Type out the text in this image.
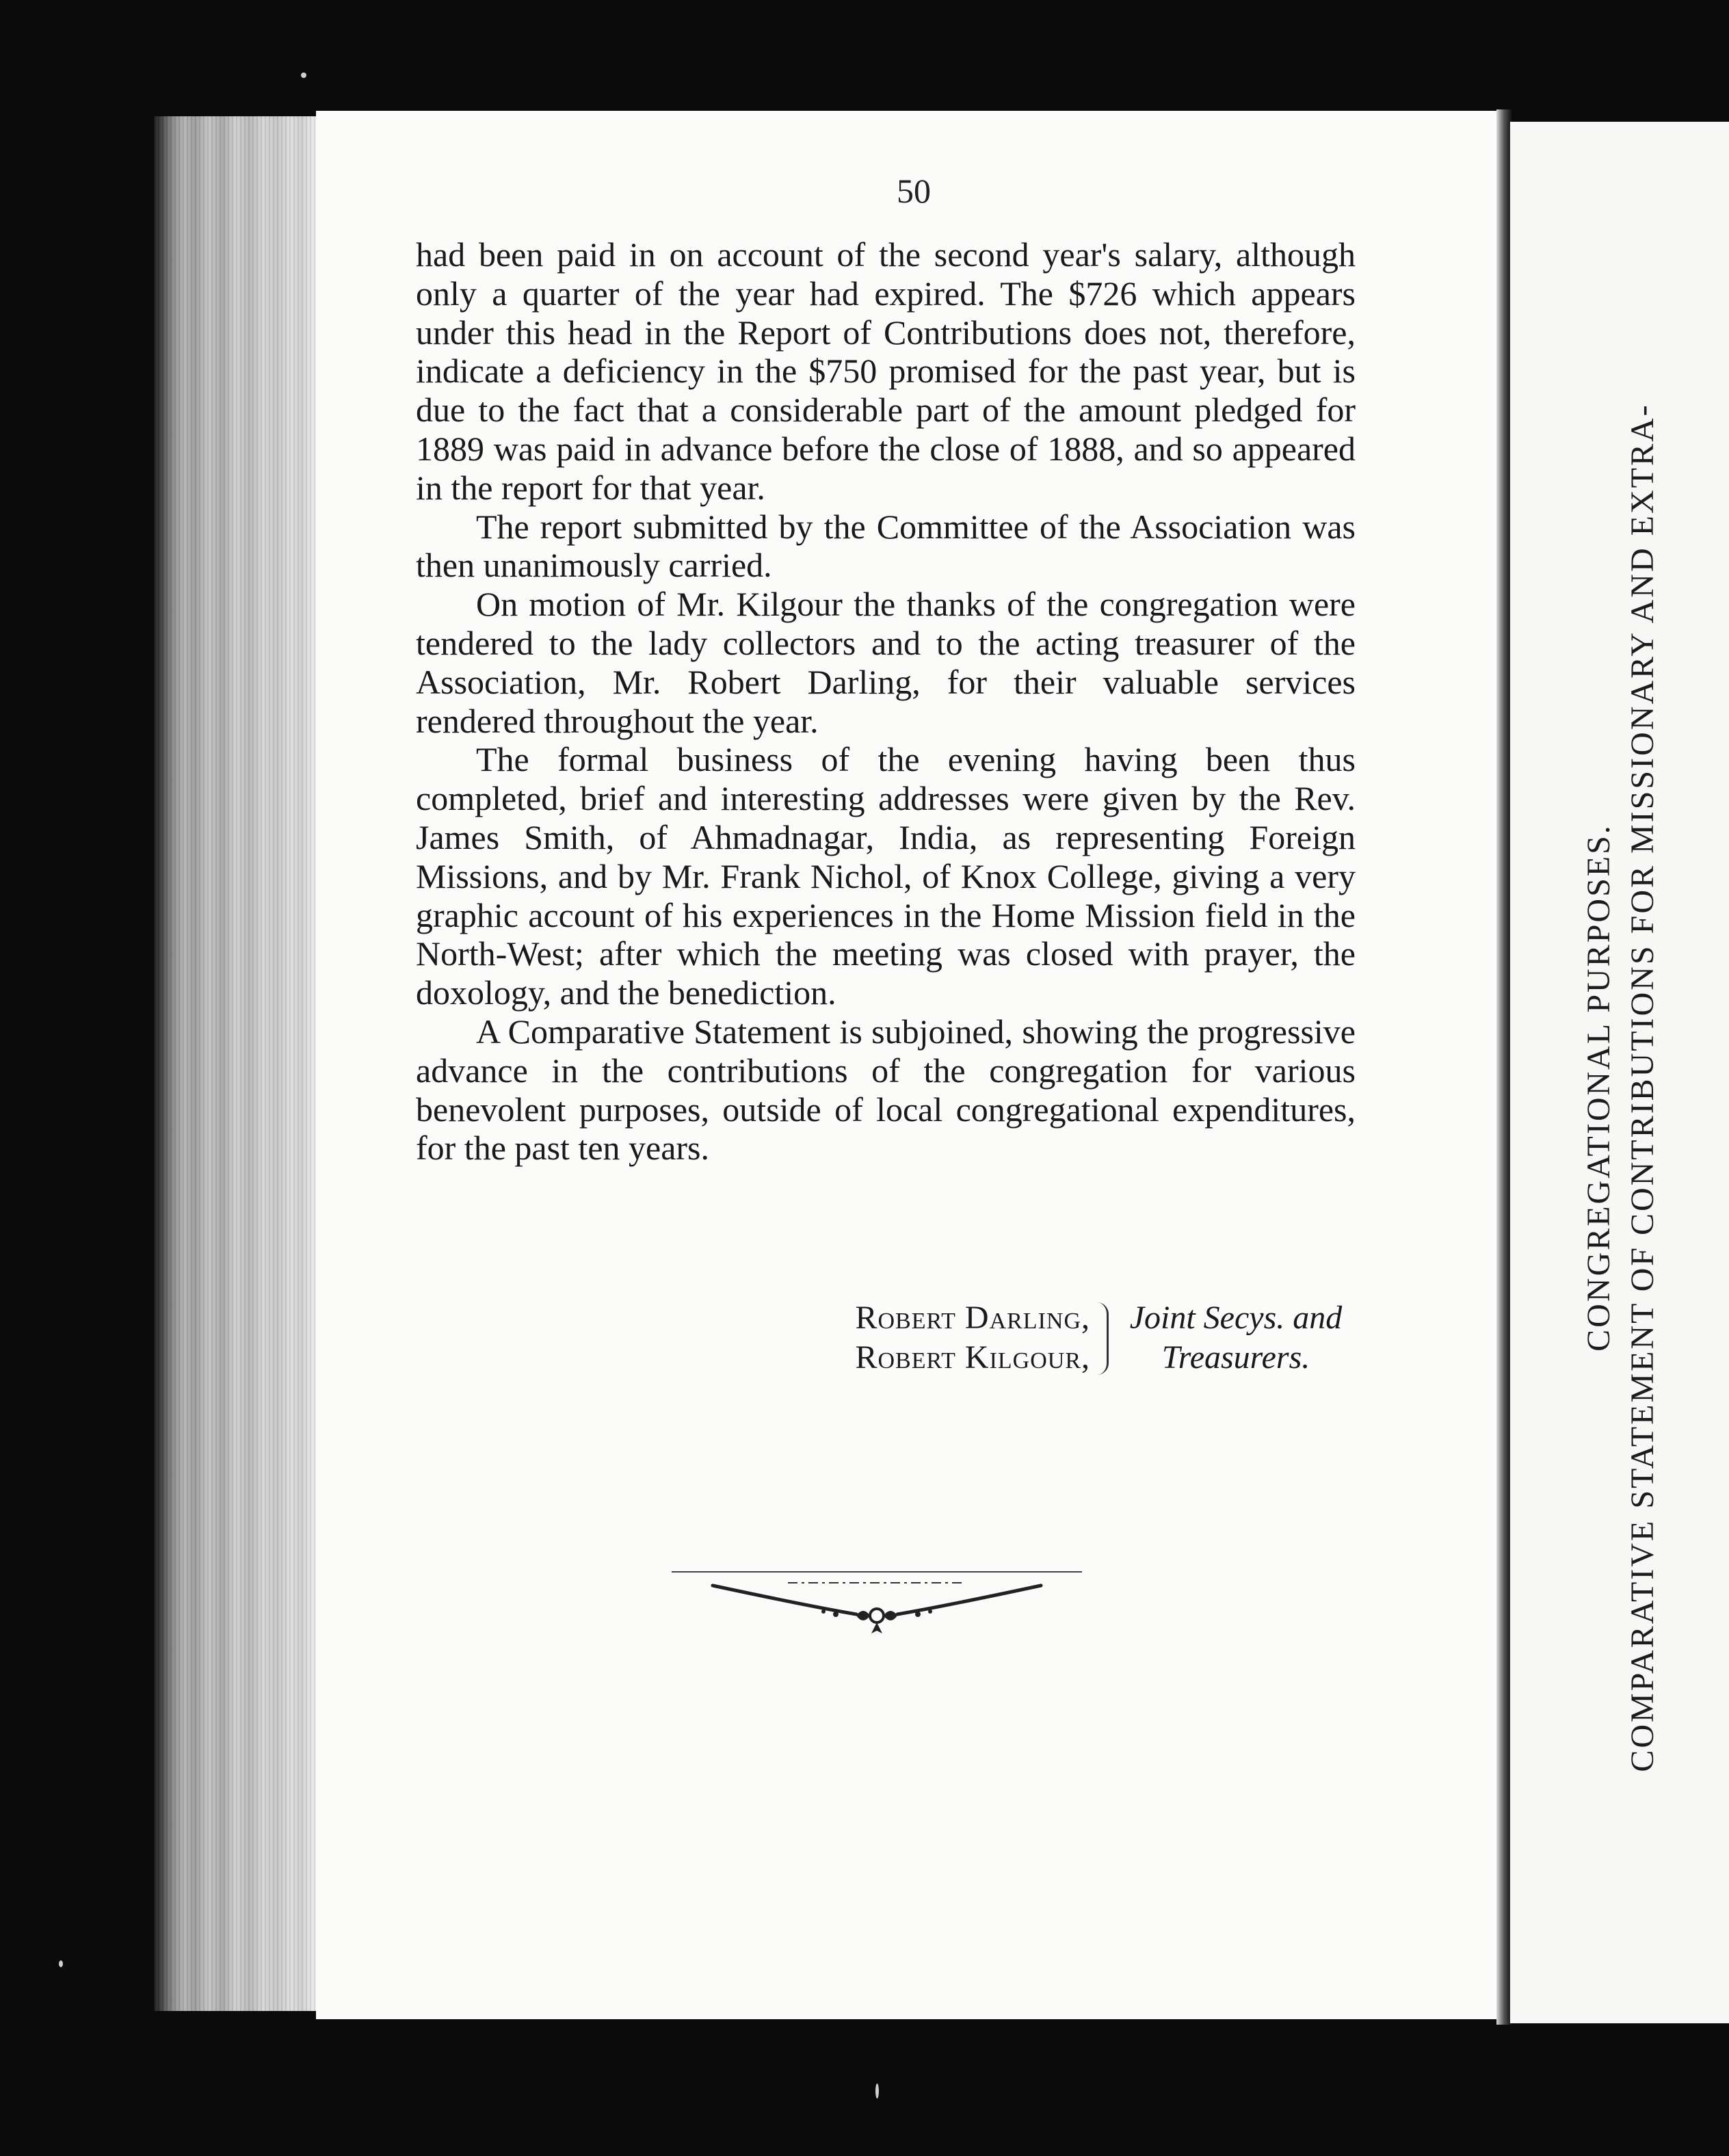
50

had been paid in on account of the second year's salary, although only a quarter of the year had expired. The $726 which appears under this head in the Report of Contributions does not, therefore, indicate a deficiency in the $750 promised for the past year, but is due to the fact that a considerable part of the amount pledged for 1889 was paid in advance before the close of 1888, and so appeared in the report for that year.

The report submitted by the Committee of the Association was then unanimously carried.

On motion of Mr. Kilgour the thanks of the congregation were tendered to the lady collectors and to the acting treasurer of the Association, Mr. Robert Darling, for their valuable services rendered throughout the year.

The formal business of the evening having been thus completed, brief and interesting addresses were given by the Rev. James Smith, of Ahmadnagar, India, as representing Foreign Missions, and by Mr. Frank Nichol, of Knox College, giving a very graphic account of his experiences in the Home Mission field in the North-West; after which the meeting was closed with prayer, the doxology, and the benediction.

A Comparative Statement is subjoined, showing the progressive advance in the contributions of the congregation for various benevolent purposes, outside of local congregational expenditures, for the past ten years.

Robert Darling,
Robert Kilgour,
Joint Secys. and
Treasurers.
CONGREGATIONAL PURPOSES. COMPARATIVE STATEMENT OF CONTRIBUTIONS FOR MISSIONARY AND EXTRA-
